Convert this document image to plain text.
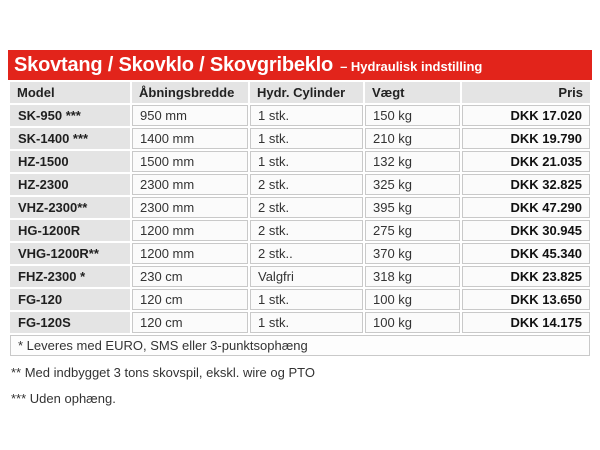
Skovtang / Skovklo / Skovgribeklo – Hydraulisk indstilling
Model	Åbningsbredde	Hydr. Cylinder	Vægt	Pris
SK-950 ***	950 mm	1 stk.	150 kg	DKK 17.020
SK-1400 ***	1400 mm	1 stk.	210 kg	DKK 19.790
HZ-1500	1500 mm	1 stk.	132 kg	DKK 21.035
HZ-2300	2300 mm	2 stk.	325 kg	DKK 32.825
VHZ-2300**	2300 mm	2 stk.	395 kg	DKK 47.290
HG-1200R	1200 mm	2 stk.	275 kg	DKK 30.945
VHG-1200R**	1200 mm	2 stk..	370 kg	DKK 45.340
FHZ-2300 *	230 cm	Valgfri	318 kg	DKK 23.825
FG-120	120 cm	1 stk.	100 kg	DKK 13.650
FG-120S	120 cm	1 stk.	100 kg	DKK 14.175
* Leveres med EURO, SMS eller 3-punktsophæng				
** Med indbygget 3 tons skovspil, ekskl. wire og PTO
*** Uden ophæng.
